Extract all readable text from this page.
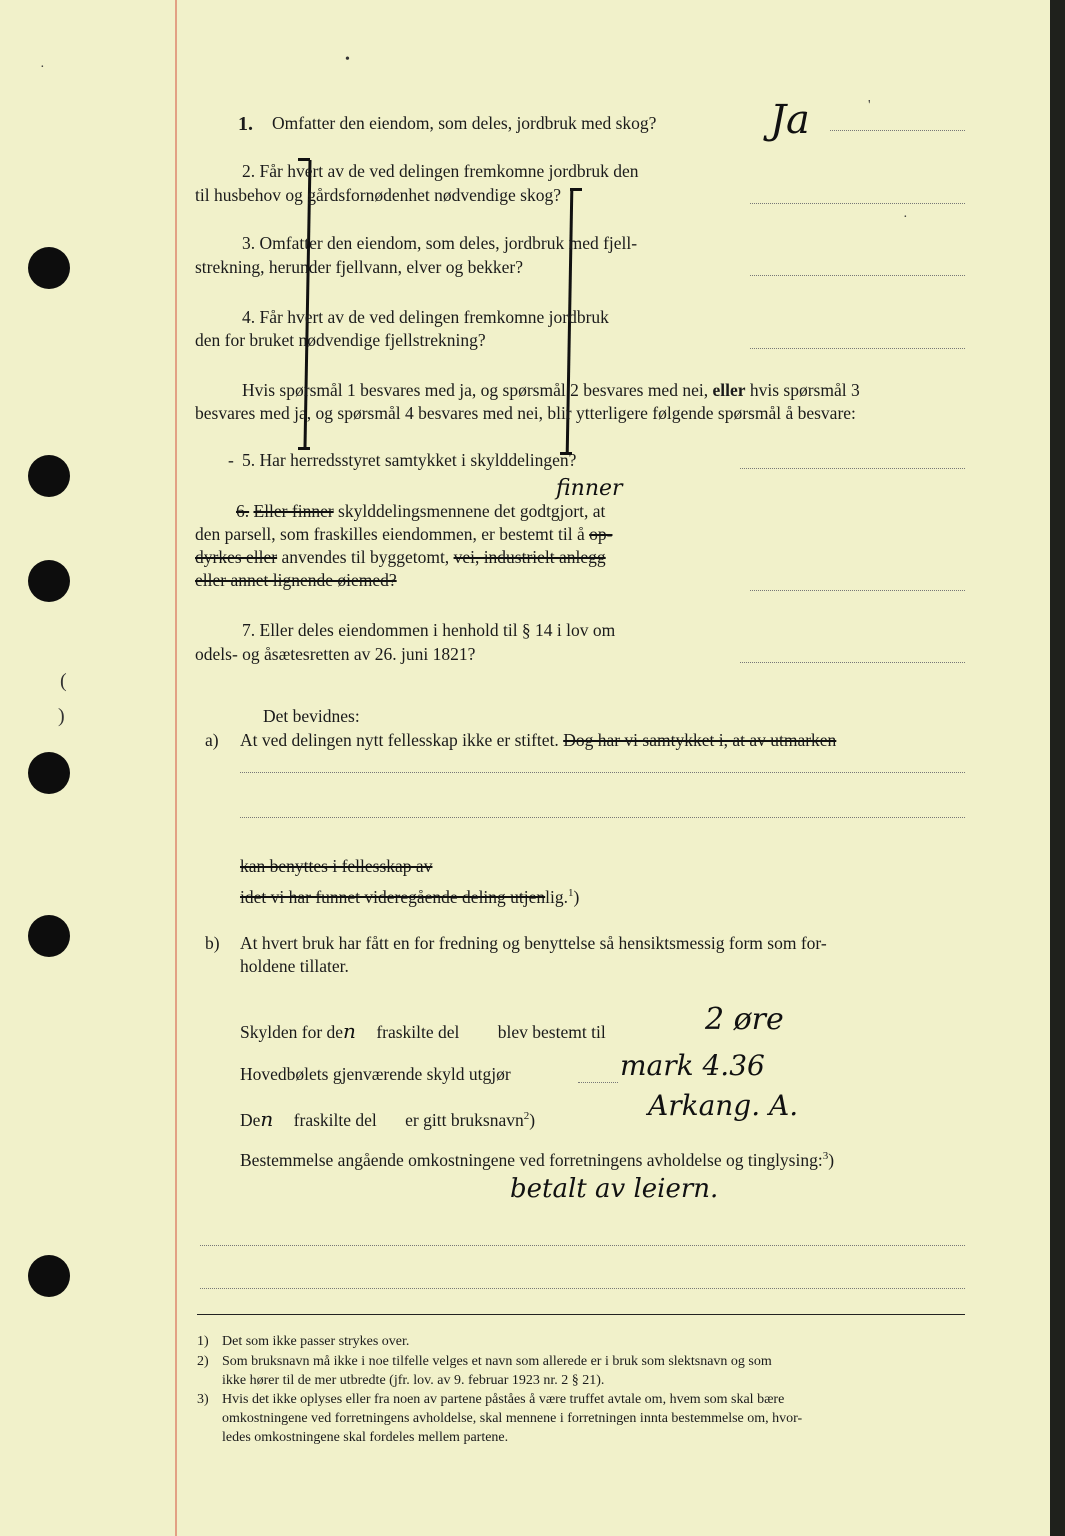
•
·
(
)
·
'
1. Omfatter den eiendom, som deles, jordbruk med skog?	Ja
2. Får hvert av de ved delingen fremkomne jordbruk den
til husbehov og gårdsfornødenhet nødvendige skog?
3. Omfatter den eiendom, som deles, jordbruk med fjell-
strekning, herunder fjellvann, elver og bekker?
4. Får hvert av de ved delingen fremkomne jordbruk
den for bruket nødvendige fjellstrekning?
Hvis spørsmål 1 besvares med ja, og spørsmål 2 besvares med nei, eller hvis spørsmål 3
besvares med ja, og spørsmål 4 besvares med nei, blir ytterligere følgende spørsmål å besvare:
- 5. Har herredsstyret samtykket i skylddelingen?
6. Eller finner skylddelingsmennene det godtgjort, at
finner
den parsell, som fraskilles eiendommen, er bestemt til å op-
dyrkes eller anvendes til byggetomt, vei, industrielt anlegg
eller annet lignende øiemed?
7. Eller deles eiendommen i henhold til § 14 i lov om
odels- og åsætesretten av 26. juni 1821?
Det bevidnes:
a) At ved delingen nytt fellesskap ikke er stiftet. Dog har vi samtykket i, at av utmarken
kan benyttes i fellesskap av
idet vi har funnet videregående deling utjenlig.$^1$)
b) At hvert bruk har fått en for fredning og benyttelse så hensiktsmessig form som for-
holdene tillater.
Skylden for den fraskilte del blev bestemt til	2 øre
Hovedbølets gjenværende skyld utgjør	mark 4.36
Den fraskilte del er gitt bruksnavn$^2$)	Arkang. A.
Bestemmelse angående omkostningene ved forretningens avholdelse og tinglysing:$^3$)
betalt av leiern.
1) Det som ikke passer strykes over.
2) Som bruksnavn må ikke i noe tilfelle velges et navn som allerede er i bruk som slektsnavn og som
ikke hører til de mer utbredte (jfr. lov. av 9. februar 1923 nr. 2 § 21).
3) Hvis det ikke oplyses eller fra noen av partene påståes å være truffet avtale om, hvem som skal bære
omkostningene ved forretningens avholdelse, skal mennene i forretningen innta bestemmelse om, hvor-
ledes omkostningene skal fordeles mellem partene.
